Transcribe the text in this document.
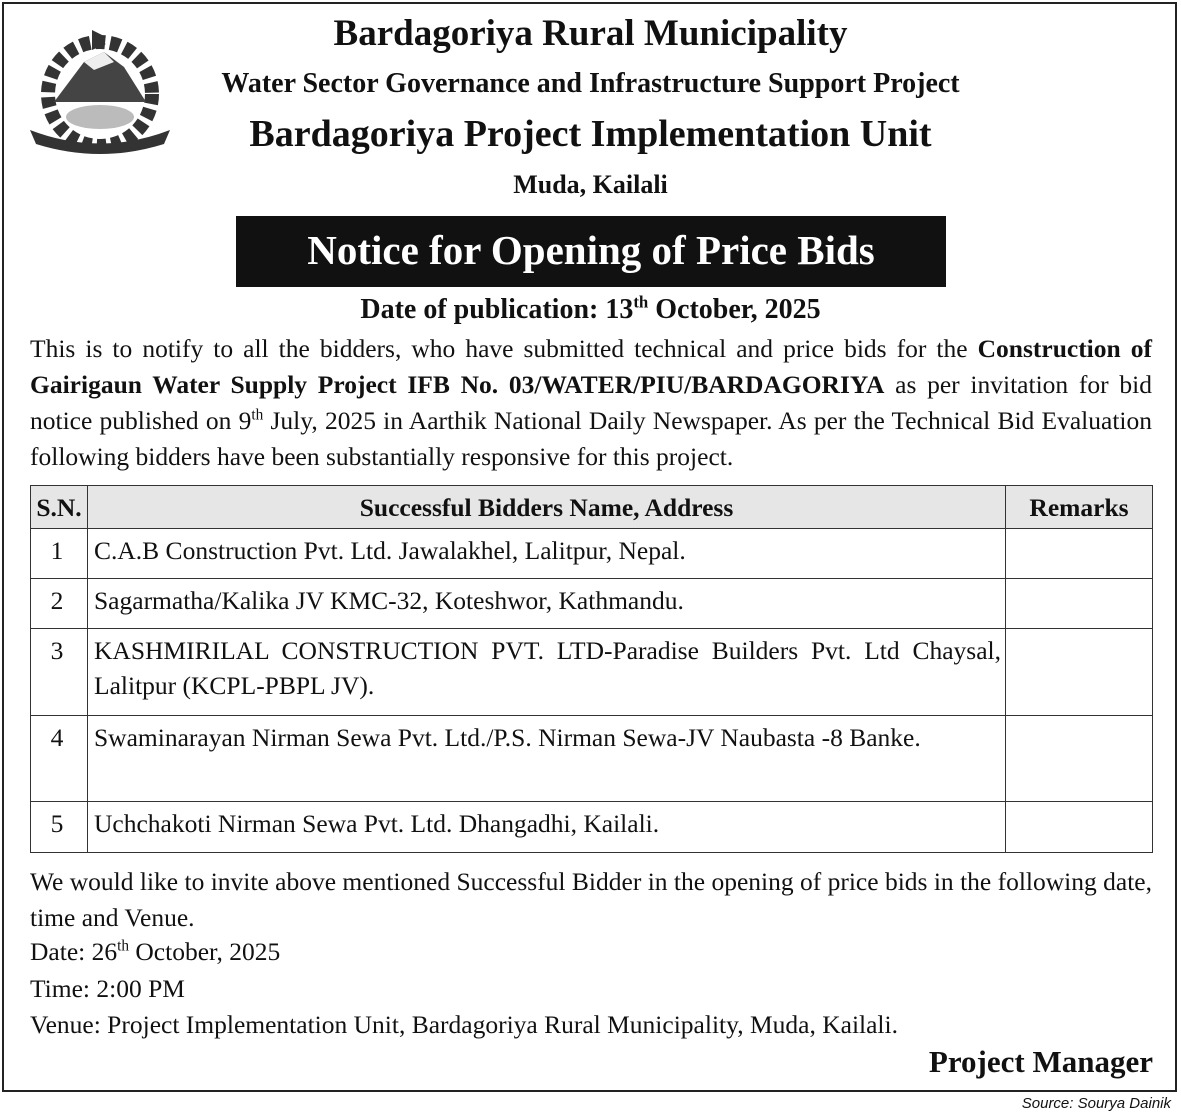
Bardagoriya Rural Municipality
Water Sector Governance and Infrastructure Support Project
Bardagoriya Project Implementation Unit
Muda, Kailali
Notice for Opening of Price Bids
Date of publication: 13th October, 2025
This is to notify to all the bidders, who have submitted technical and price bids for the Construction of Gairigaun Water Supply Project IFB No. 03/WATER/PIU/BARDAGORIYA as per invitation for bid notice published on 9th July, 2025 in Aarthik National Daily Newspaper. As per the Technical Bid Evaluation following bidders have been substantially responsive for this project.
S.N.	Successful Bidders Name, Address	Remarks
1	C.A.B Construction Pvt. Ltd. Jawalakhel, Lalitpur, Nepal.	
2	Sagarmatha/Kalika JV KMC-32, Koteshwor, Kathmandu.	
3	KASHMIRILAL CONSTRUCTION PVT. LTD-Paradise Builders Pvt. Ltd Chaysal, Lalitpur (KCPL-PBPL JV).	
4	Swaminarayan Nirman Sewa Pvt. Ltd./P.S. Nirman Sewa-JV Naubasta -8 Banke.	
5	Uchchakoti Nirman Sewa Pvt. Ltd. Dhangadhi, Kailali.	
We would like to invite above mentioned Successful Bidder in the opening of price bids in the following date, time and Venue.
Date: 26th October, 2025
Time: 2:00 PM
Venue: Project Implementation Unit, Bardagoriya Rural Municipality, Muda, Kailali.
Project Manager
Source: Sourya Dainik
